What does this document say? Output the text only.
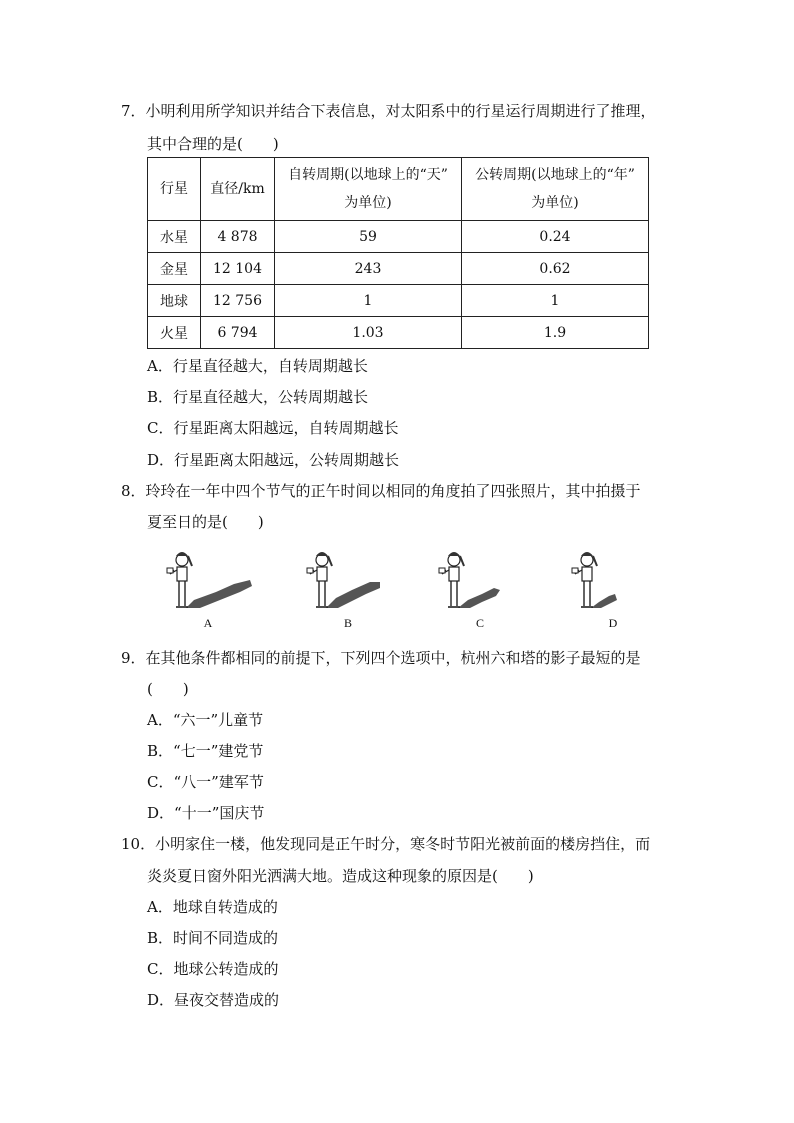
7．小明利用所学知识并结合下表信息，对太阳系中的行星运行周期进行了推理，
其中合理的是(　　)
行星	直径/km	自转周期(以地球上的“天”
为单位)	公转周期(以地球上的“年”
为单位)
水星	4 878	59	0.24
金星	12 104	243	0.62
地球	12 756	1	1
火星	6 794	1.03	1.9
A．行星直径越大，自转周期越长
B．行星直径越大，公转周期越长
C．行星距离太阳越远，自转周期越长
D．行星距离太阳越远，公转周期越长
8．玲玲在一年中四个节气的正午时间以相同的角度拍了四张照片，其中拍摄于
夏至日的是(　　)
A	B	C	D
9．在其他条件都相同的前提下，下列四个选项中，杭州六和塔的影子最短的是
(　　)
A．“六一”儿童节
B．“七一”建党节
C．“八一”建军节
D．“十一”国庆节
10．小明家住一楼，他发现同是正午时分，寒冬时节阳光被前面的楼房挡住，而
炎炎夏日窗外阳光洒满大地。造成这种现象的原因是(　　)
A．地球自转造成的
B．时间不同造成的
C．地球公转造成的
D．昼夜交替造成的
